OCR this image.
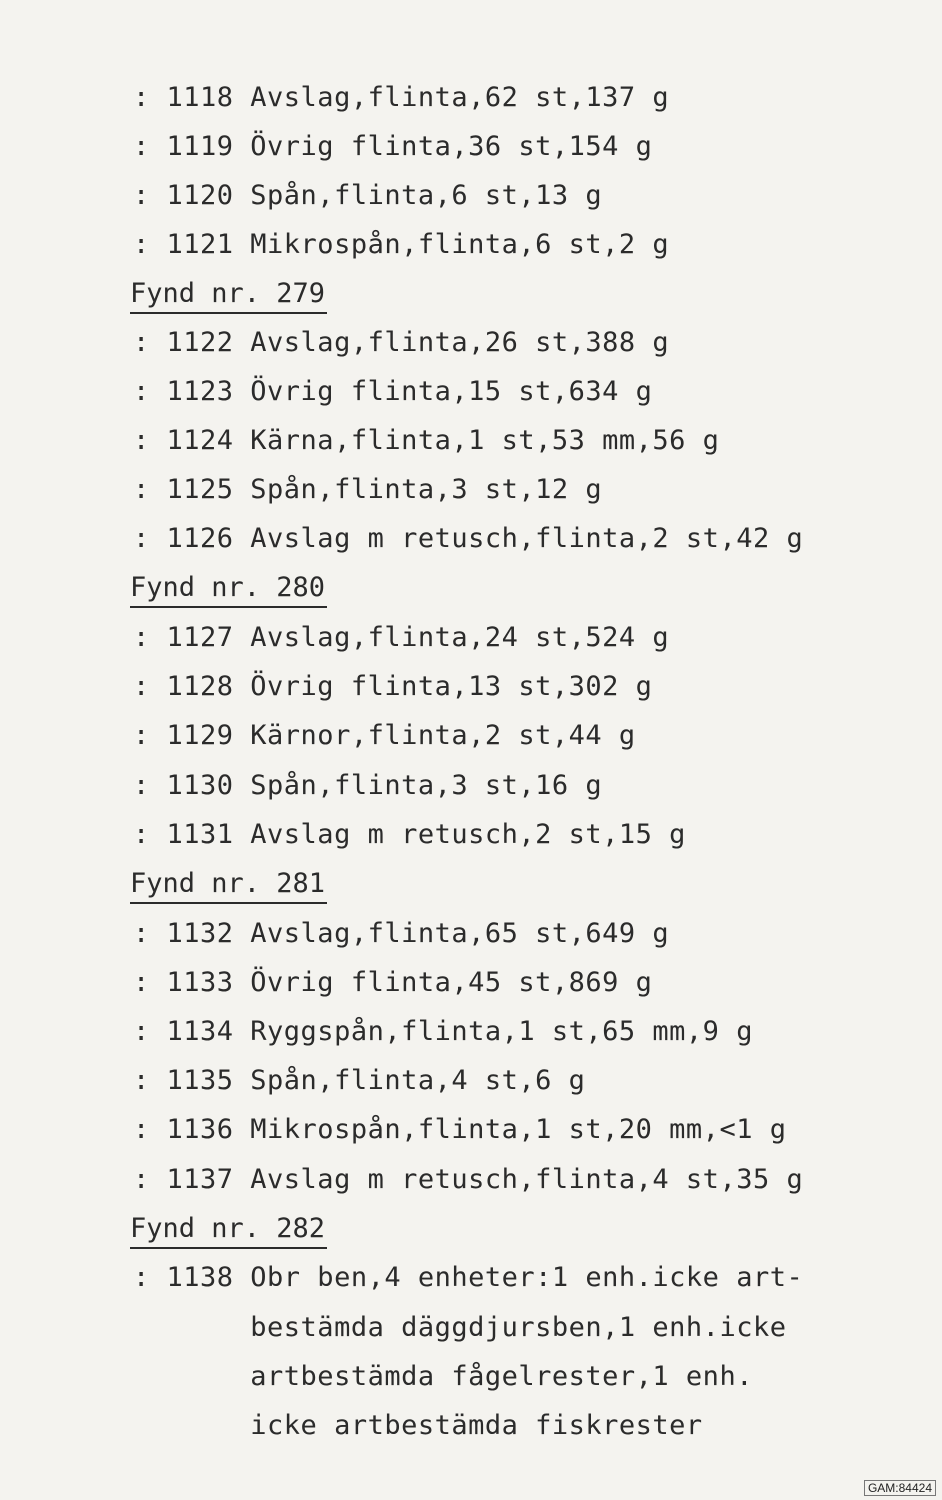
: 1118 Avslag,flinta,62 st,137 g
: 1119 Övrig flinta,36 st,154 g
: 1120 Spån,flinta,6 st,13 g
: 1121 Mikrospån,flinta,6 st,2 g
Fynd nr. 279
: 1122 Avslag,flinta,26 st,388 g
: 1123 Övrig flinta,15 st,634 g
: 1124 Kärna,flinta,1 st,53 mm,56 g
: 1125 Spån,flinta,3 st,12 g
: 1126 Avslag m retusch,flinta,2 st,42 g
Fynd nr. 280
: 1127 Avslag,flinta,24 st,524 g
: 1128 Övrig flinta,13 st,302 g
: 1129 Kärnor,flinta,2 st,44 g
: 1130 Spån,flinta,3 st,16 g
: 1131 Avslag m retusch,2 st,15 g
Fynd nr. 281
: 1132 Avslag,flinta,65 st,649 g
: 1133 Övrig flinta,45 st,869 g
: 1134 Ryggspån,flinta,1 st,65 mm,9 g
: 1135 Spån,flinta,4 st,6 g
: 1136 Mikrospån,flinta,1 st,20 mm,<1 g
: 1137 Avslag m retusch,flinta,4 st,35 g
Fynd nr. 282
: 1138 Obr ben,4 enheter:1 enh.icke art-
bestämda däggdjursben,1 enh.icke
artbestämda fågelrester,1 enh.
icke artbestämda fiskrester
GAM:84424
